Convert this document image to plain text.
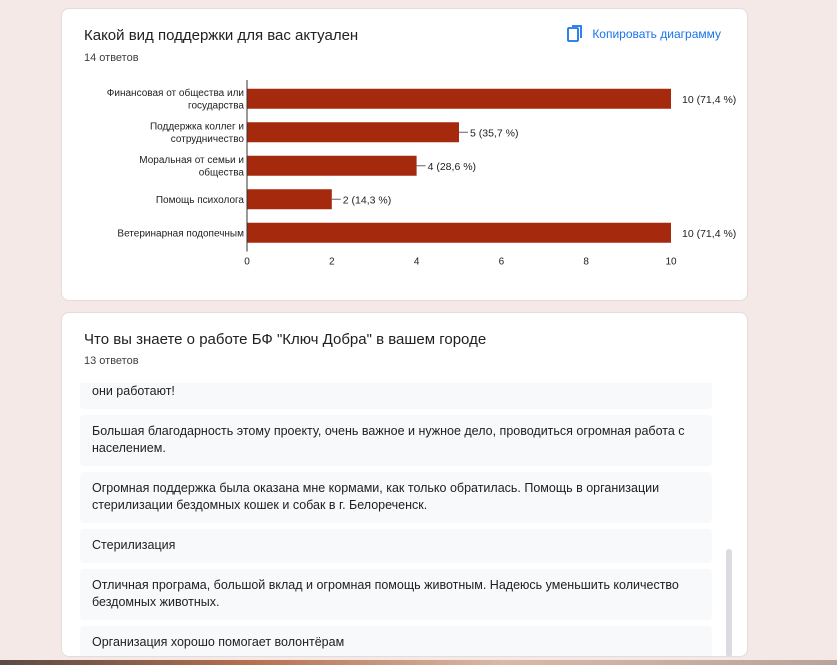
Какой вид поддержки для вас актуален
14 ответов
Копировать диаграмму
10 (71,4 %)
Финансовая от общества или
государства
5 (35,7 %)
Поддержка коллег и
сотрудничество
4 (28,6 %)
Моральная от семьи и
общества
2 (14,3 %)
Помощь психолога
10 (71,4 %)
Ветеринарная подопечным
0	2	4	6	8	10
Что вы знаете о работе БФ "Ключ Добра" в вашем городе
13 ответов
они работают!
Большая благодарность этому проекту, очень важное и нужное дело, проводиться огромная работа с населением.
Огромная поддержка была оказана мне кормами, как только обратилась. Помощь в организации стерилизации бездомных кошек и собак в г. Белореченск.
Стерилизация
Отличная програма, большой вклад и огромная помощь животным. Надеюсь уменьшить количество бездомных животных.
Организация хорошо помогает волонтёрам
